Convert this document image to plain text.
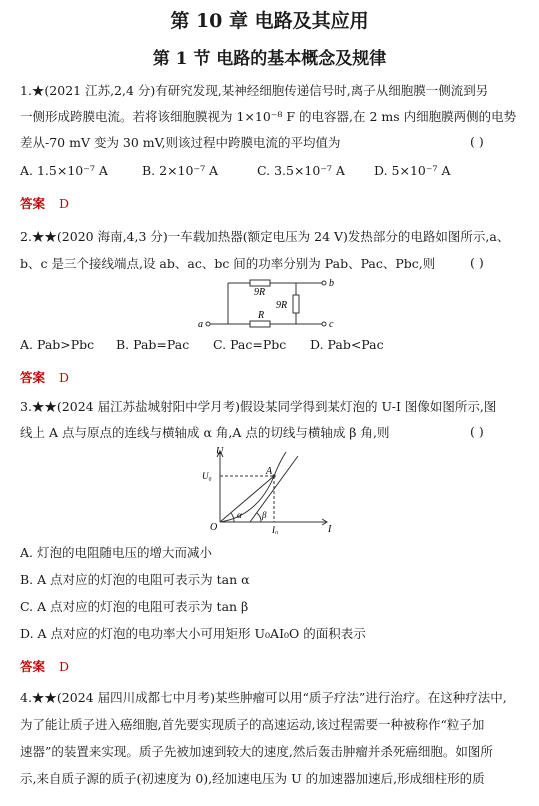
第 10 章 电路及其应用
第 1 节 电路的基本概念及规律
1.★(2021 江苏,2,4 分)有研究发现,某神经细胞传递信号时,离子从细胞膜一侧流到另
一侧形成跨膜电流。若将该细胞膜视为 1×10⁻⁸ F 的电容器,在 2 ms 内细胞膜两侧的电势
差从-70 mV 变为 30 mV,则该过程中跨膜电流的平均值为	( )
A. 1.5×10⁻⁷ A	B. 2×10⁻⁷ A	C. 3.5×10⁻⁷ A D. 5×10⁻⁷ A
答案 D
2.★★(2020 海南,4,3 分)一车载加热器(额定电压为 24 V)发热部分的电路如图所示,a、
b、c 是三个接线端点,设 ab、ac、bc 间的功率分别为 Pab、Pac、Pbc,则	( )
9R
9R
R
a
b
c
A. Pab>Pbc B. Pab=Pac C. Pac=Pbc D. Pab<Pac
答案 D
3.★★(2024 届江苏盐城射阳中学月考)假设某同学得到某灯泡的 U-I 图像如图所示,图
线上 A 点与原点的连线与横轴成 α 角,A 点的切线与横轴成 β 角,则	( )
U
I
O
U₀
I₀
A
α β
A. 灯泡的电阻随电压的增大而减小
B. A 点对应的灯泡的电阻可表示为 tan α
C. A 点对应的灯泡的电阻可表示为 tan β
D. A 点对应的灯泡的电功率大小可用矩形 U₀AI₀O 的面积表示
答案 D
4.★★(2024 届四川成都七中月考)某些肿瘤可以用“质子疗法”进行治疗。在这种疗法中,
为了能让质子进入癌细胞,首先要实现质子的高速运动,该过程需要一种被称作“粒子加
速器”的装置来实现。质子先被加速到较大的速度,然后轰击肿瘤并杀死癌细胞。如图所
示,来自质子源的质子(初速度为 0),经加速电压为 U 的加速器加速后,形成细柱形的质
